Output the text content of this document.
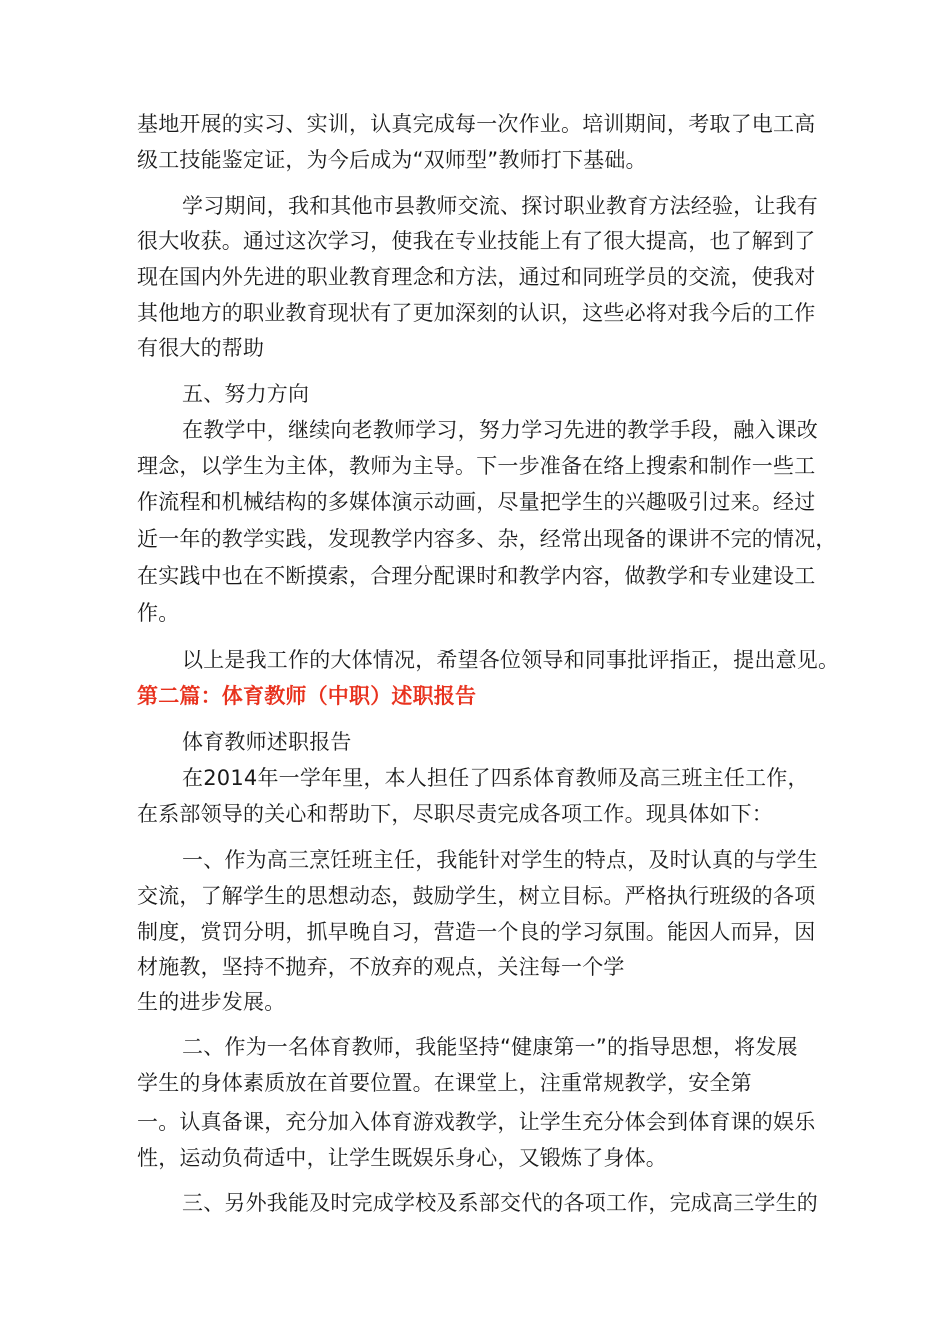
基地开展的实习、实训，认真完成每一次作业。培训期间，考取了电工高
级工技能鉴定证，为今后成为“双师型”教师打下基础。
学习期间，我和其他市县教师交流、探讨职业教育方法经验，让我有
很大收获。通过这次学习，使我在专业技能上有了很大提高，也了解到了
现在国内外先进的职业教育理念和方法，通过和同班学员的交流，使我对
其他地方的职业教育现状有了更加深刻的认识，这些必将对我今后的工作
有很大的帮助
五、努力方向
在教学中，继续向老教师学习，努力学习先进的教学手段，融入课改
理念，以学生为主体，教师为主导。下一步准备在络上搜索和制作一些工
作流程和机械结构的多媒体演示动画，尽量把学生的兴趣吸引过来。经过
近一年的教学实践，发现教学内容多、杂，经常出现备的课讲不完的情况，
在实践中也在不断摸索，合理分配课时和教学内容，做教学和专业建设工
作。
以上是我工作的大体情况，希望各位领导和同事批评指正，提出意见。
第二篇：体育教师（中职）述职报告
体育教师述职报告
在2014年一学年里，本人担任了四系体育教师及高三班主任工作，
在系部领导的关心和帮助下，尽职尽责完成各项工作。现具体如下：
一、作为高三烹饪班主任，我能针对学生的特点，及时认真的与学生
交流，了解学生的思想动态，鼓励学生，树立目标。严格执行班级的各项
制度，赏罚分明，抓早晚自习，营造一个良的学习氛围。能因人而异，因
材施教，坚持不抛弃，不放弃的观点，关注每一个学
生的进步发展。
二、作为一名体育教师，我能坚持“健康第一”的指导思想，将发展
学生的身体素质放在首要位置。在课堂上，注重常规教学，安全第
一。认真备课，充分加入体育游戏教学，让学生充分体会到体育课的娱乐
性，运动负荷适中，让学生既娱乐身心，又锻炼了身体。
三、另外我能及时完成学校及系部交代的各项工作，完成高三学生的
